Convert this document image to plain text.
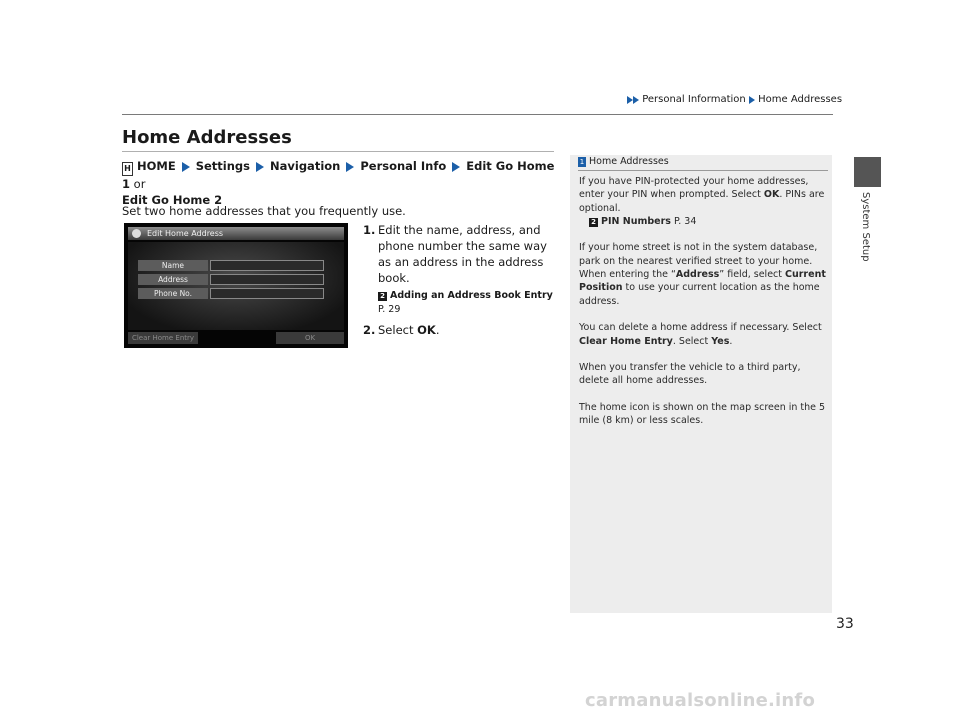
Personal Information Home Addresses
Home Addresses
H HOME Settings Navigation Personal Info Edit Go Home 1 or
Edit Go Home 2
Set two home addresses that you frequently use.
Edit Home Address
Name
Address
Phone No.
Clear Home Entry	OK
1. Edit the name, address, and phone number the same way as an address in the address book.
2 Adding an Address Book Entry P. 29
2. Select OK.
1 Home Addresses

If you have PIN-protected your home addresses, enter your PIN when prompted. Select OK. PINs are optional.
2 PIN Numbers P. 34

If your home street is not in the system database, park on the nearest verified street to your home. When entering the “Address” field, select Current Position to use your current location as the home address.

You can delete a home address if necessary. Select Clear Home Entry. Select Yes.

When you transfer the vehicle to a third party, delete all home addresses.

The home icon is shown on the map screen in the 5 mile (8 km) or less scales.

System Setup
33
carmanualsonline.info
